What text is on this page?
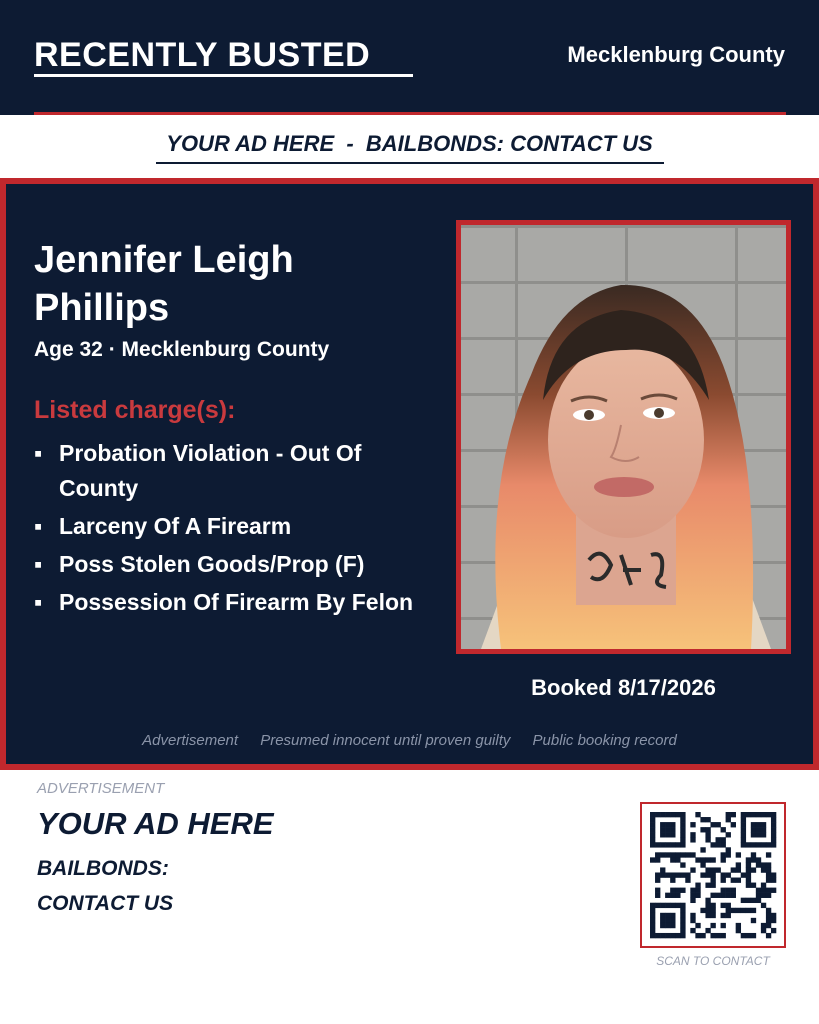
RECENTLY BUSTED	Mecklenburg County
YOUR AD HERE  -  BAILBONDS: CONTACT US
Jennifer Leigh Phillips
Age 32 · Mecklenburg County
Listed charge(s):
▪ Probation Violation - Out Of County
▪ Larceny Of A Firearm
▪ Poss Stolen Goods/Prop (F)
▪ Possession Of Firearm By Felon
Booked 8/17/2026
Advertisement Presumed innocent until proven guilty Public booking record
ADVERTISEMENT
YOUR AD HERE
BAILBONDS:
CONTACT US
SCAN TO CONTACT
